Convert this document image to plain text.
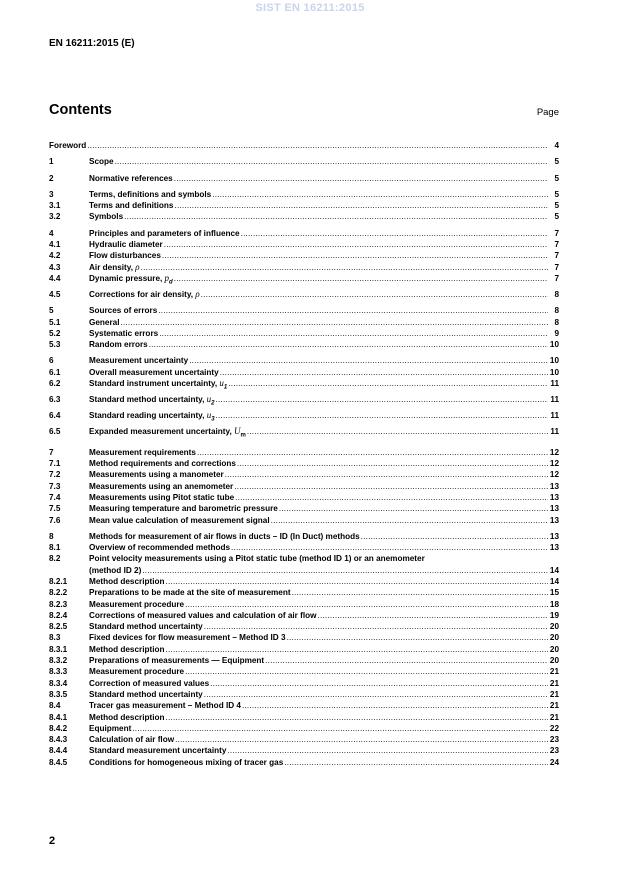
SIST EN 16211:2015
EN 16211:2015 (E)
Contents	Page
Foreword .....	4
1	Scope .....	5
2	Normative references .....	5
3	Terms, definitions and symbols .....	5
3.1	Terms and definitions .....	5
3.2	Symbols .....	5
4	Principles and parameters of influence .....	7
4.1	Hydraulic diameter .....	7
4.2	Flow disturbances .....	7
4.3	Air density, ρ .....	7
4.4	Dynamic pressure, $p_d$ .....	7
4.5	Corrections for air density, ρ .....	8
5	Sources of errors .....	8
5.1	General .....	8
5.2	Systematic errors .....	9
5.3	Random errors .....	10
6	Measurement uncertainty .....	10
6.1	Overall measurement uncertainty .....	10
6.2	Standard instrument uncertainty, $u_1$ .....	11
6.3	Standard method uncertainty, $u_2$ .....	11
6.4	Standard reading uncertainty, $u_3$ .....	11
6.5	Expanded measurement uncertainty, $U_m$ .....	11
7	Measurement requirements .....	12
7.1	Method requirements and corrections .....	12
7.2	Measurements using a manometer .....	12
7.3	Measurements using an anemometer .....	13
7.4	Measurements using Pitot static tube .....	13
7.5	Measuring temperature and barometric pressure .....	13
7.6	Mean value calculation of measurement signal .....	13
8	Methods for measurement of air flows in ducts – ID (In Duct) methods .....	13
8.1	Overview of recommended methods .....	13
8.2	Point velocity measurements using a Pitot static tube (method ID 1) or an anemometer
(method ID 2) .....	14
8.2.1	Method description .....	14
8.2.2	Preparations to be made at the site of measurement .....	15
8.2.3	Measurement procedure .....	18
8.2.4	Corrections of measured values and calculation of air flow .....	19
8.2.5	Standard method uncertainty .....	20
8.3	Fixed devices for flow measurement – Method ID 3 .....	20
8.3.1	Method description .....	20
8.3.2	Preparations of measurements — Equipment .....	20
8.3.3	Measurement procedure .....	21
8.3.4	Correction of measured values .....	21
8.3.5	Standard method uncertainty .....	21
8.4	Tracer gas measurement – Method ID 4 .....	21
8.4.1	Method description .....	21
8.4.2	Equipment .....	22
8.4.3	Calculation of air flow .....	23
8.4.4	Standard measurement uncertainty .....	23
8.4.5	Conditions for homogeneous mixing of tracer gas .....	24
2
